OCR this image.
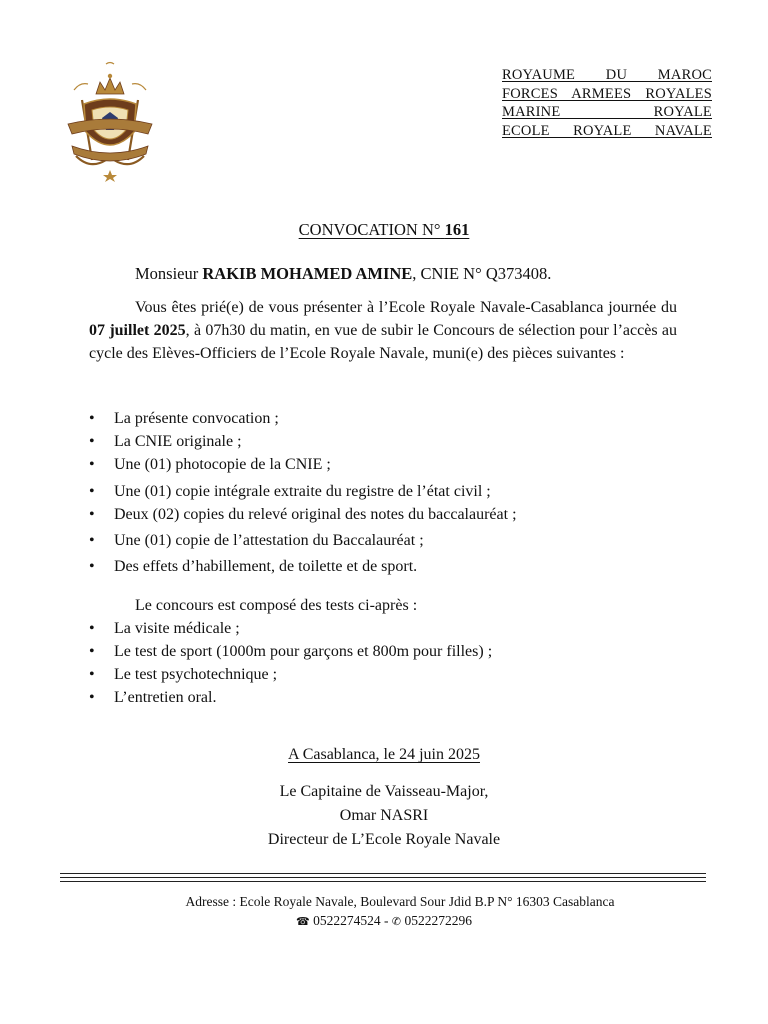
ROYAUME DU MAROC
FORCES ARMEES ROYALES
MARINE ROYALE
ECOLE ROYALE NAVALE
CONVOCATION N° 161
Monsieur RAKIB MOHAMED AMINE, CNIE N° Q373408.
Vous êtes prié(e) de vous présenter à l’Ecole Royale Navale-Casablanca journée du 07 juillet 2025, à 07h30 du matin, en vue de subir le Concours de sélection pour l’accès au cycle des Elèves-Officiers de l’Ecole Royale Navale, muni(e) des pièces suivantes :
• La présente convocation ;
• La CNIE originale ;
• Une (01) photocopie de la CNIE ;
• Une (01) copie intégrale extraite du registre de l’état civil ;
• Deux (02) copies du relevé original des notes du baccalauréat ;
• Une (01) copie de l’attestation du Baccalauréat ;
• Des effets d’habillement, de toilette et de sport.
Le concours est composé des tests ci-après :
• La visite médicale ;
• Le test de sport (1000m pour garçons et 800m pour filles) ;
• Le test psychotechnique ;
• L’entretien oral.
A Casablanca, le 24 juin 2025
Le Capitaine de Vaisseau-Major,
Omar NASRI
Directeur de L’Ecole Royale Navale
Adresse : Ecole Royale Navale, Boulevard Sour Jdid B.P N° 16303 Casablanca
☎ 0522274524 - ✆ 0522272296
